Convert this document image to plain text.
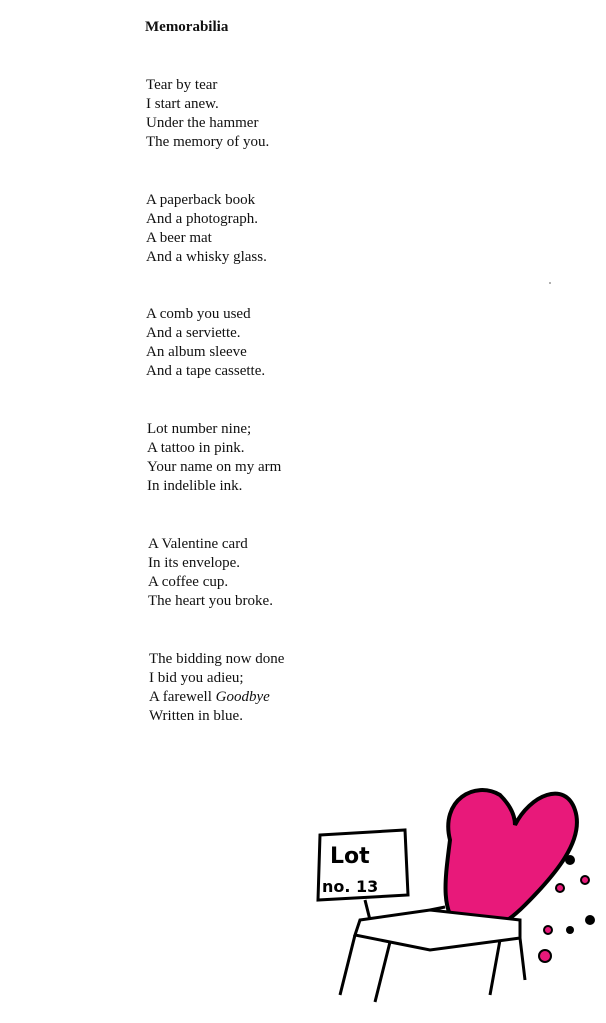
Memorabilia
Tear by tear
I start anew.
Under the hammer
The memory of you.
A paperback book
And a photograph.
A beer mat
And a whisky glass.
A comb you used
And a serviette.
An album sleeve
And a tape cassette.
Lot number nine;
A tattoo in pink.
Your name on my arm
In indelible ink.
A Valentine card
In its envelope.
A coffee cup.
The heart you broke.
The bidding now done
I bid you adieu;
A farewell Goodbye
Written in blue.
Lot
no. 13
